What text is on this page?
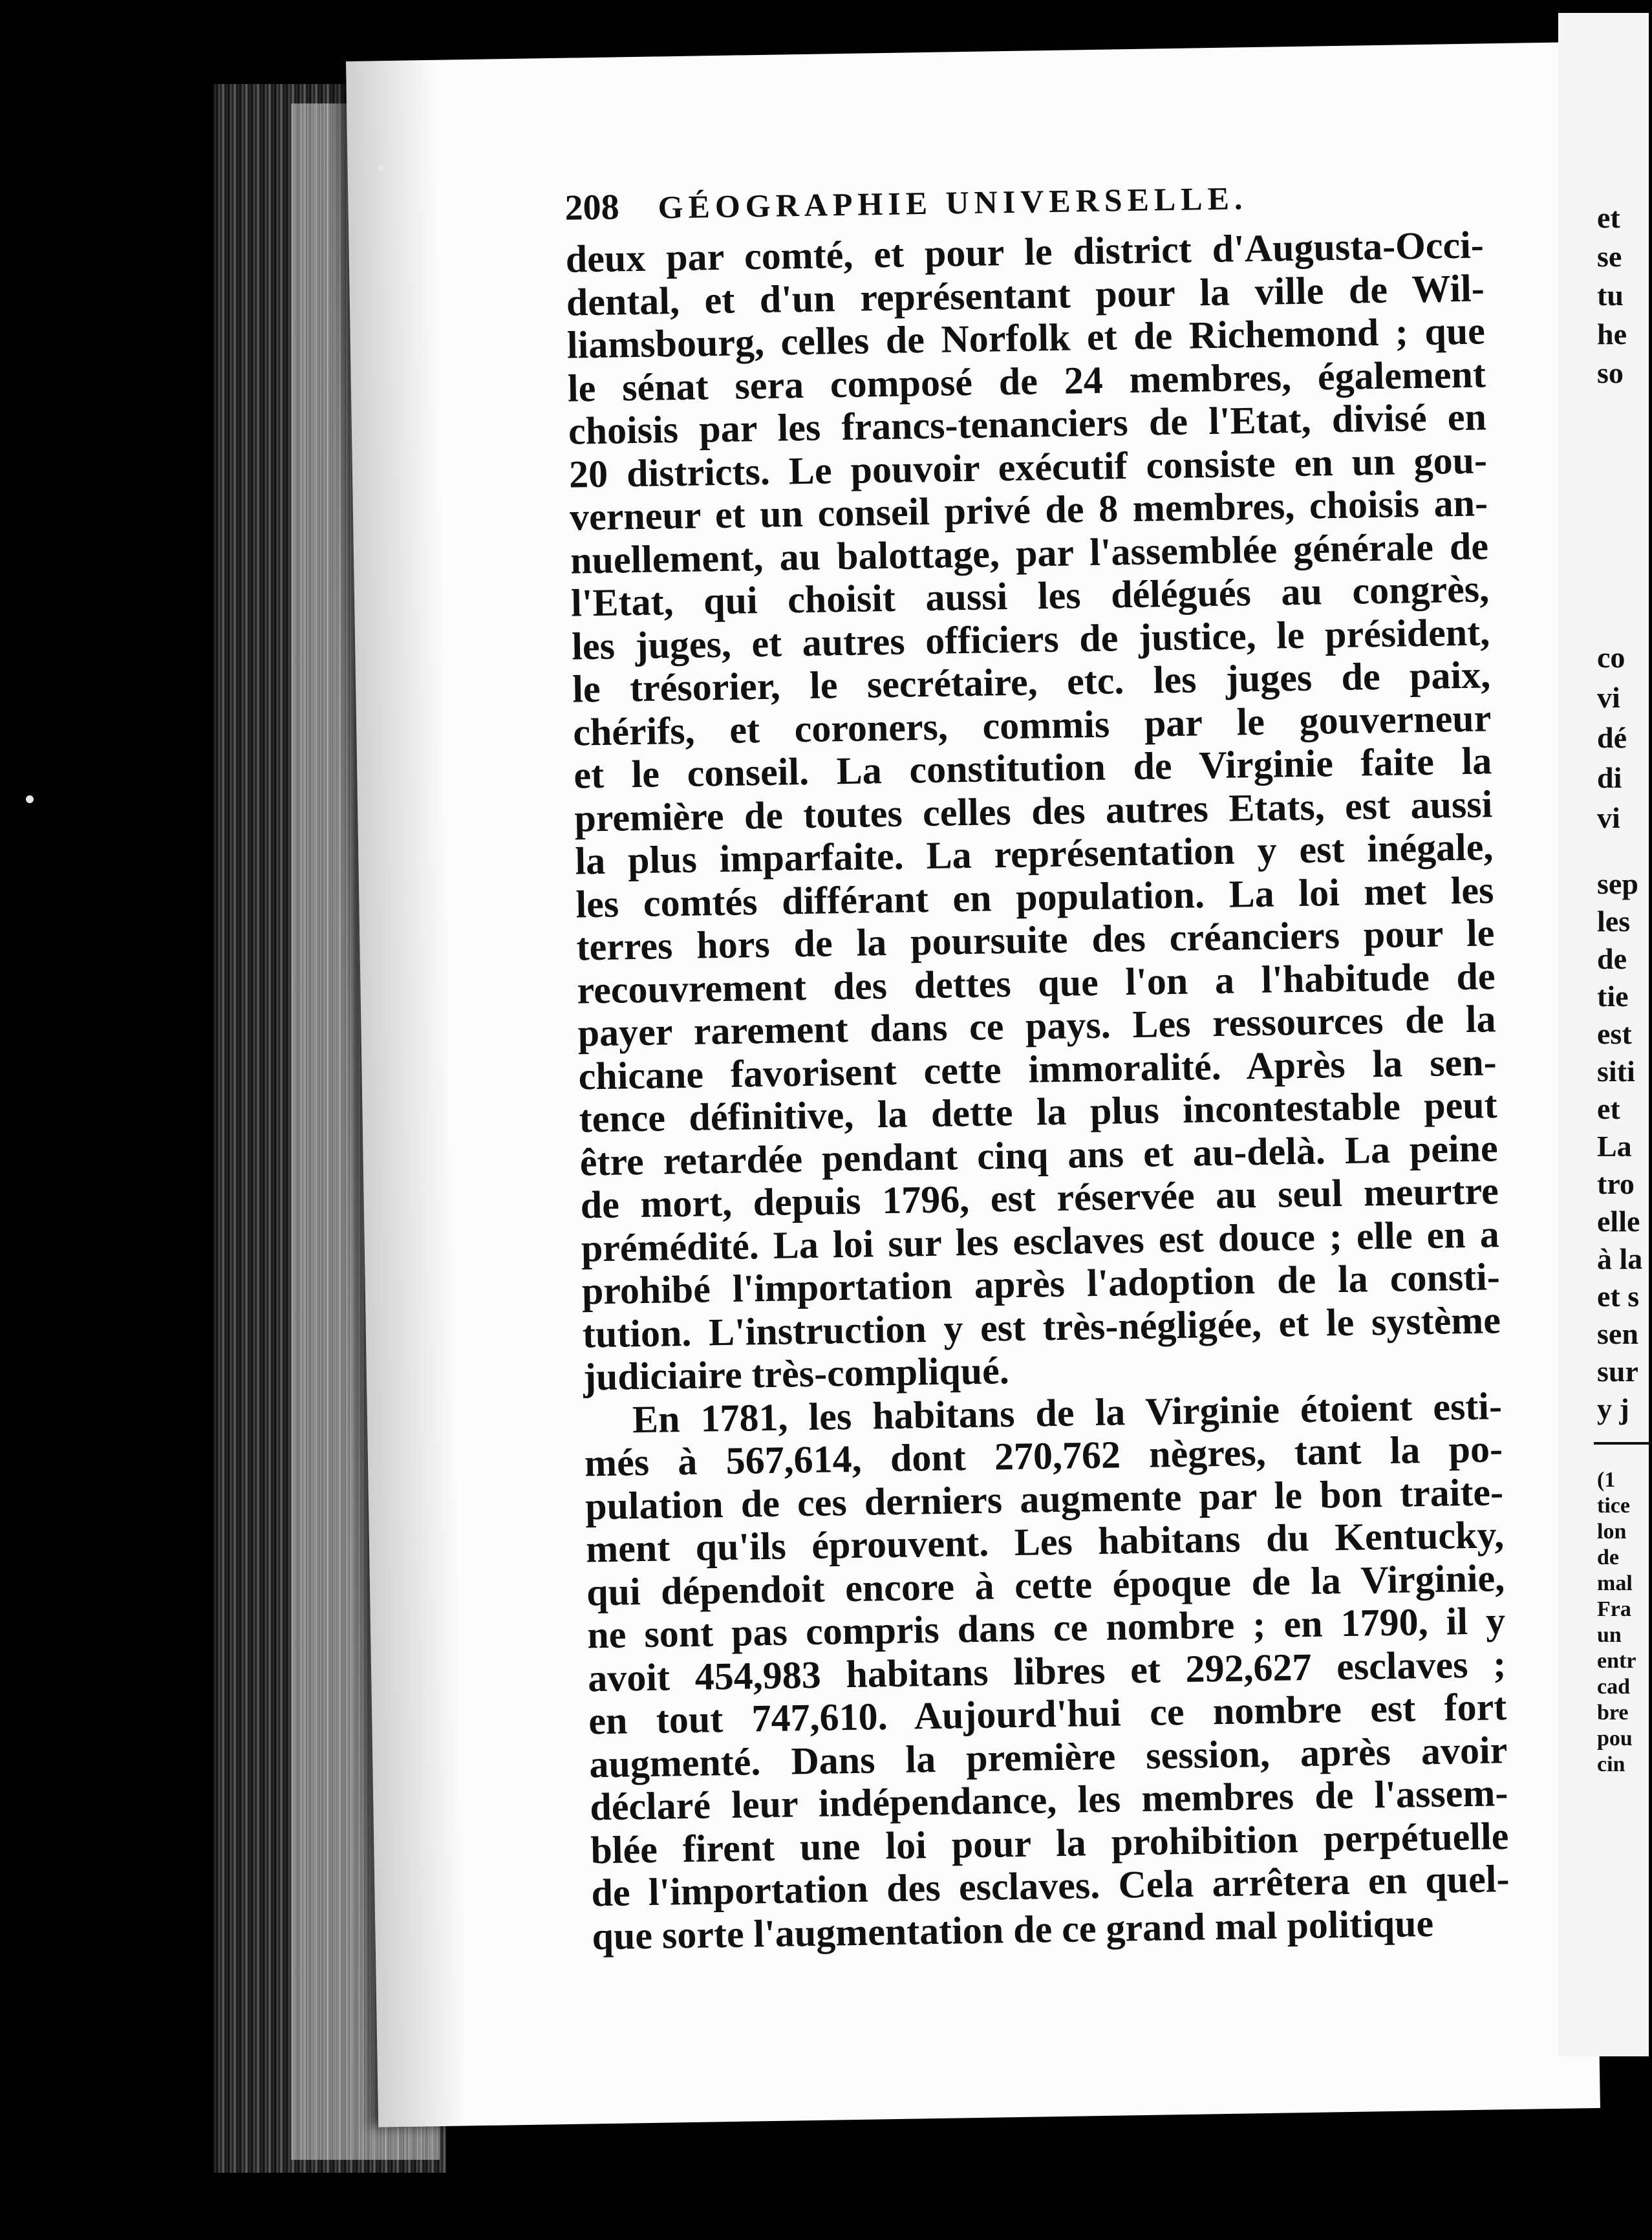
208 GÉOGRAPHIE UNIVERSELLE.
deux par comté, et pour le district d'Augusta-Occi-
dental, et d'un représentant pour la ville de Wil-
liamsbourg, celles de Norfolk et de Richemond ; que
le sénat sera composé de 24 membres, également
choisis par les francs-tenanciers de l'Etat, divisé en
20 districts. Le pouvoir exécutif consiste en un gou-
verneur et un conseil privé de 8 membres, choisis an-
nuellement, au balottage, par l'assemblée générale de
l'Etat, qui choisit aussi les délégués au congrès,
les juges, et autres officiers de justice, le président,
le trésorier, le secrétaire, etc. les juges de paix,
chérifs, et coroners, commis par le gouverneur
et le conseil. La constitution de Virginie faite la
première de toutes celles des autres Etats, est aussi
la plus imparfaite. La représentation y est inégale,
les comtés différant en population. La loi met les
terres hors de la poursuite des créanciers pour le
recouvrement des dettes que l'on a l'habitude de
payer rarement dans ce pays. Les ressources de la
chicane favorisent cette immoralité. Après la sen-
tence définitive, la dette la plus incontestable peut
être retardée pendant cinq ans et au-delà. La peine
de mort, depuis 1796, est réservée au seul meurtre
prémédité. La loi sur les esclaves est douce ; elle en a
prohibé l'importation après l'adoption de la consti-
tution. L'instruction y est très-négligée, et le système
judiciaire très-compliqué.
En 1781, les habitans de la Virginie étoient esti-
més à 567,614, dont 270,762 nègres, tant la po-
pulation de ces derniers augmente par le bon traite-
ment qu'ils éprouvent. Les habitans du Kentucky,
qui dépendoit encore à cette époque de la Virginie,
ne sont pas compris dans ce nombre ; en 1790, il y
avoit 454,983 habitans libres et 292,627 esclaves ;
en tout 747,610. Aujourd'hui ce nombre est fort
augmenté. Dans la première session, après avoir
déclaré leur indépendance, les membres de l'assem-
blée firent une loi pour la prohibition perpétuelle
de l'importation des esclaves. Cela arrêtera en quel-
que sorte l'augmentation de ce grand mal politique
et
se
tu
he
so
co
vi
dé
di
vi
sep
les
de
tie
est
siti
et
La
tro
elle
à la
et s
sen
sur
y j
(1
tice
lon
de
mal
Fra
un
entr
cad
bre
pou
cin
